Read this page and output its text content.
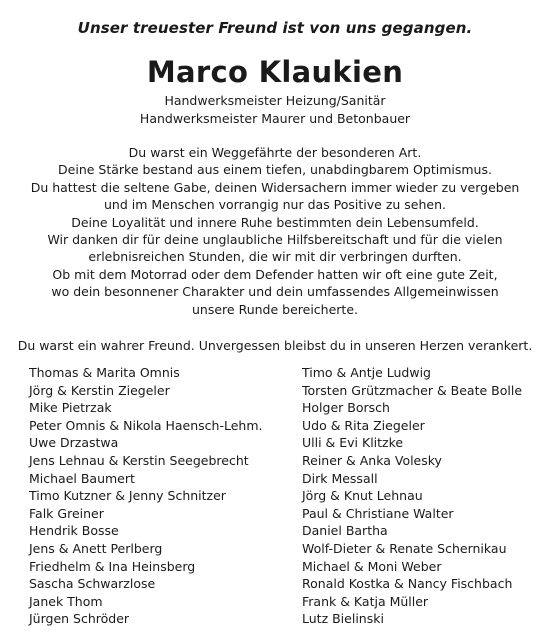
Unser treuester Freund ist von uns gegangen.

Marco Klaukien
Handwerksmeister Heizung/Sanitär
Handwerksmeister Maurer und Betonbauer
Du warst ein Weggefährte der besonderen Art.
Deine Stärke bestand aus einem tiefen, unabdingbarem Optimismus.
Du hattest die seltene Gabe, deinen Widersachern immer wieder zu vergeben
und im Menschen vorrangig nur das Positive zu sehen.
Deine Loyalität und innere Ruhe bestimmten dein Lebensumfeld.
Wir danken dir für deine unglaubliche Hilfsbereitschaft und für die vielen
erlebnisreichen Stunden, die wir mit dir verbringen durften.
Ob mit dem Motorrad oder dem Defender hatten wir oft eine gute Zeit,
wo dein besonnener Charakter und dein umfassendes Allgemeinwissen
unsere Runde bereicherte.
Du warst ein wahrer Freund. Unvergessen bleibst du in unseren Herzen verankert.
Thomas & Marita Omnis
Jörg & Kerstin Ziegeler
Mike Pietrzak
Peter Omnis & Nikola Haensch-Lehm.
Uwe Drzastwa
Jens Lehnau & Kerstin Seegebrecht
Michael Baumert
Timo Kutzner & Jenny Schnitzer
Falk Greiner
Hendrik Bosse
Jens & Anett Perlberg
Friedhelm & Ina Heinsberg
Sascha Schwarzlose
Janek Thom
Jürgen Schröder
Timo & Antje Ludwig
Torsten Grützmacher & Beate Bolle
Holger Borsch
Udo & Rita Ziegeler
Ulli & Evi Klitzke
Reiner & Anka Volesky
Dirk Messall
Jörg & Knut Lehnau
Paul & Christiane Walter
Daniel Bartha
Wolf-Dieter & Renate Schernikau
Michael & Moni Weber
Ronald Kostka & Nancy Fischbach
Frank & Katja Müller
Lutz Bielinski
